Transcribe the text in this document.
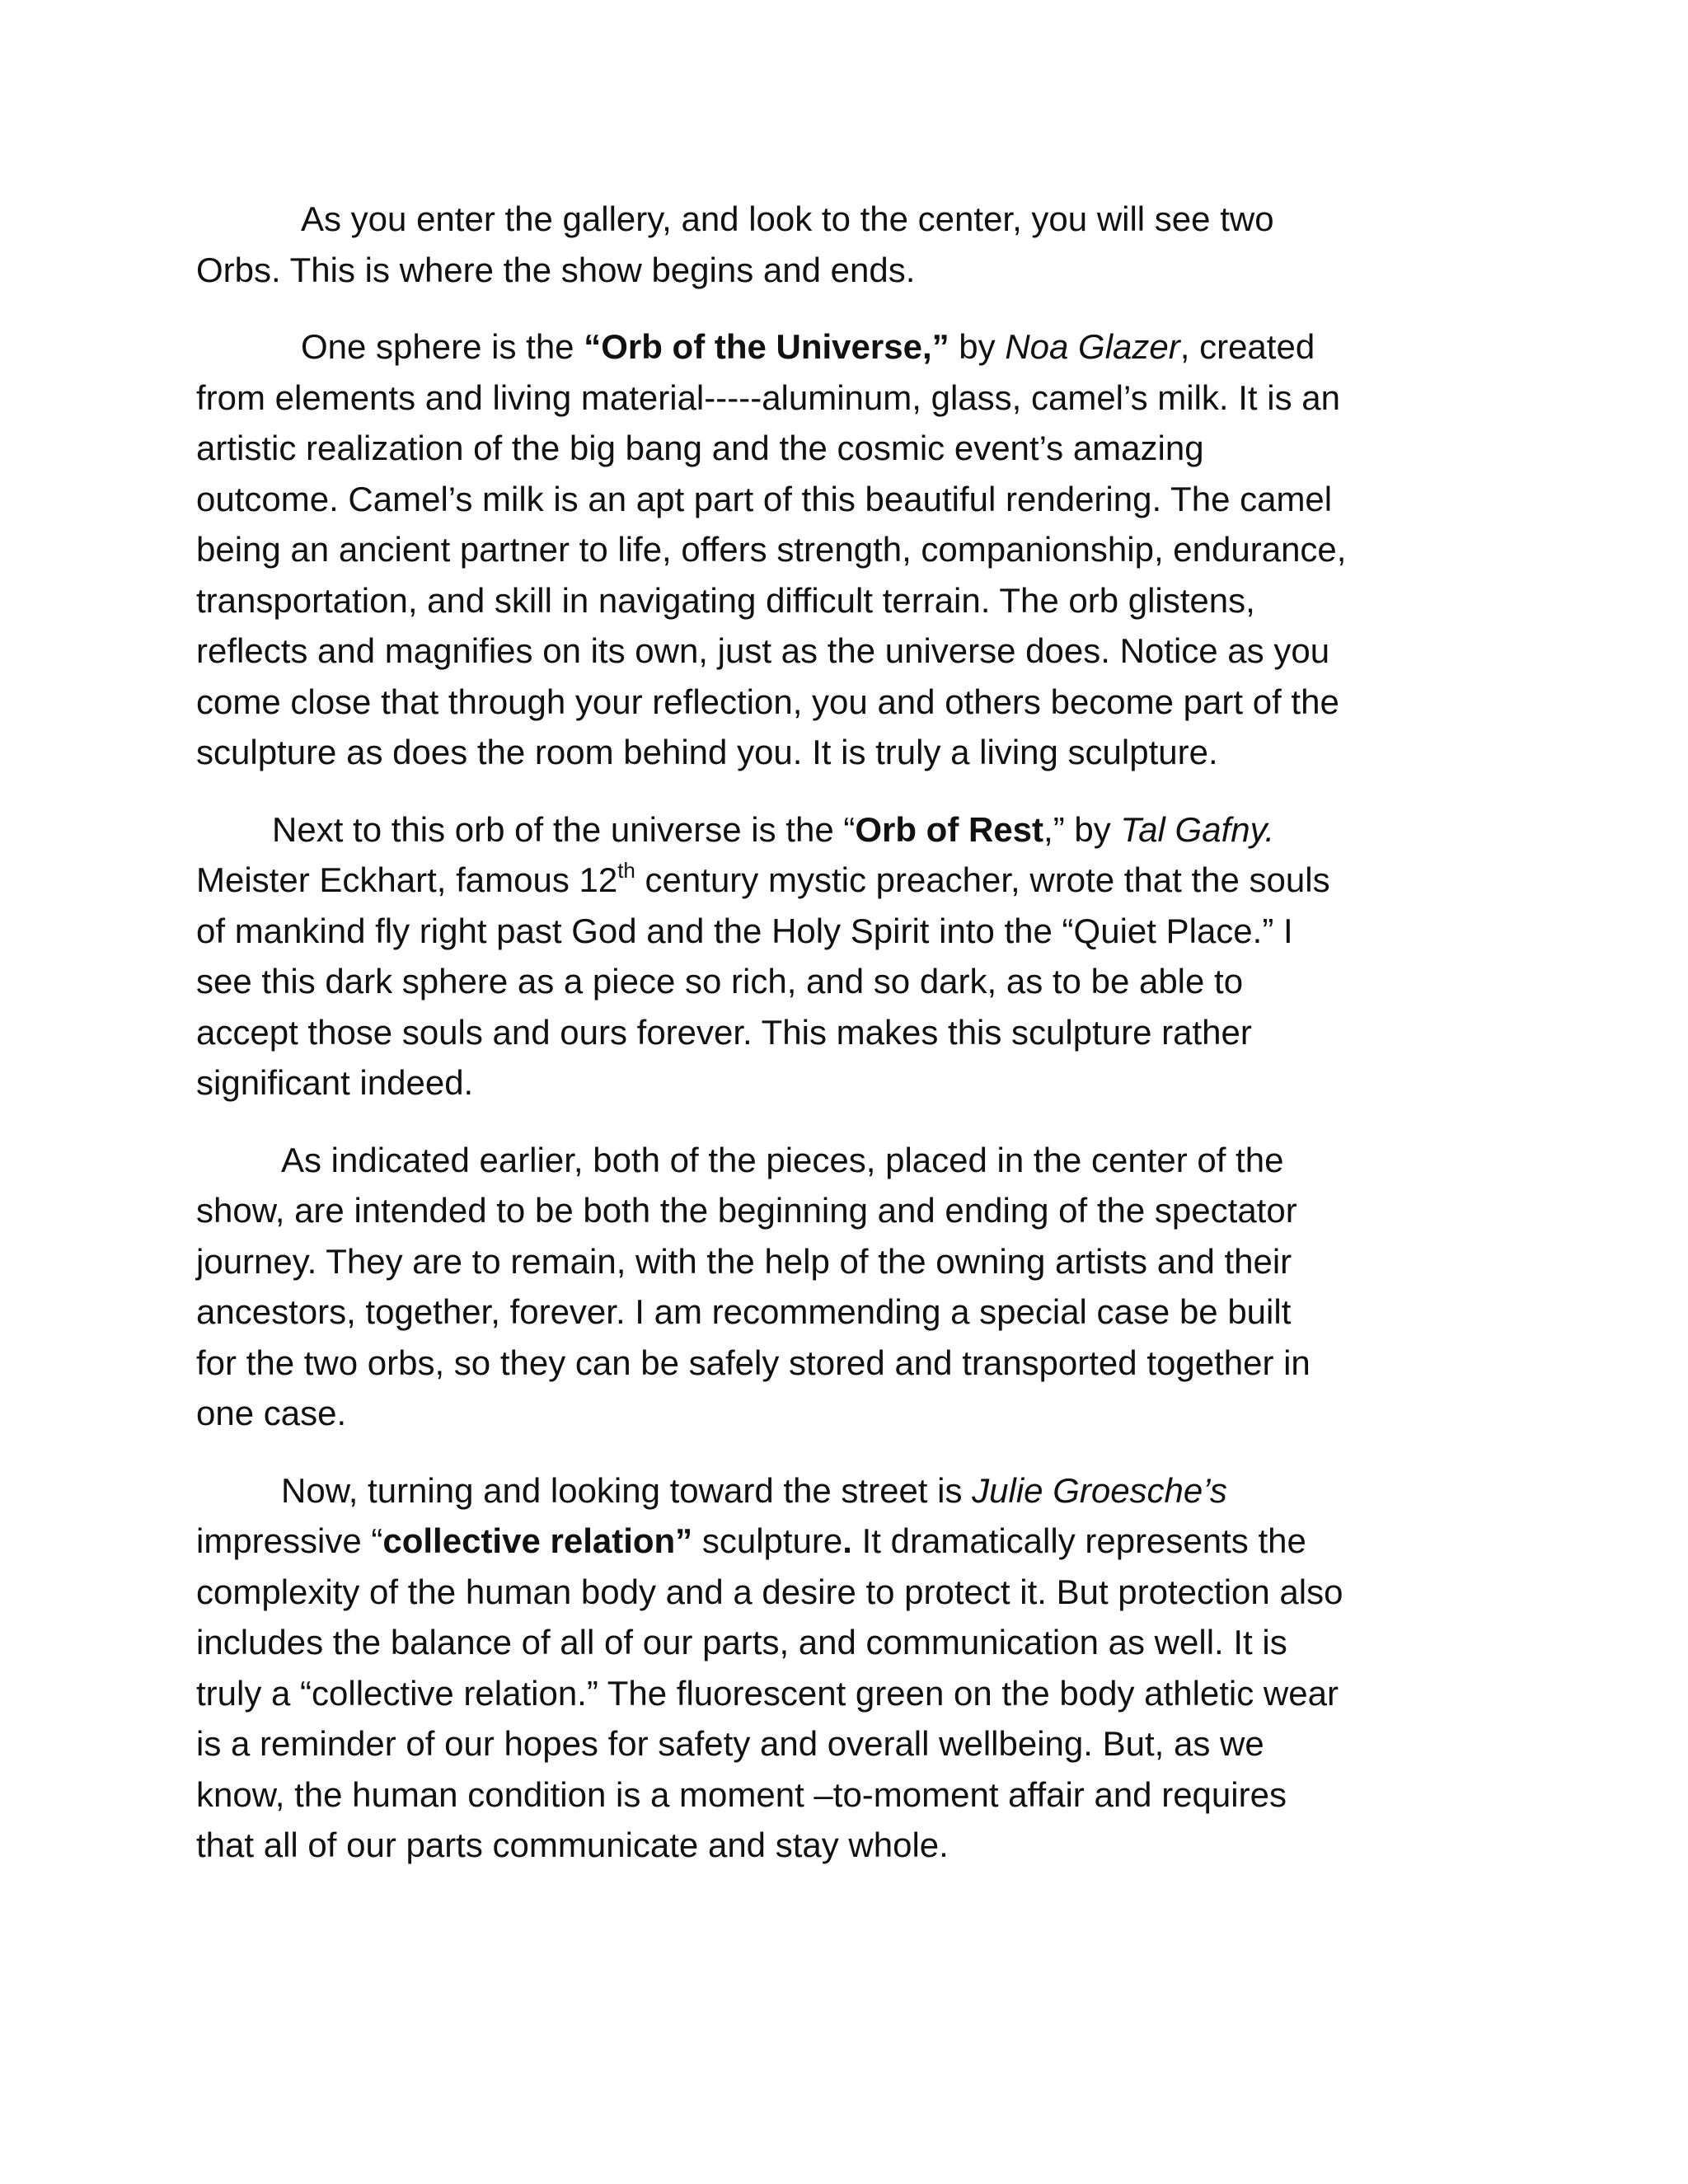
As you enter the gallery, and look to the center, you will see two
Orbs. This is where the show begins and ends.
One sphere is the “Orb of the Universe,” by Noa Glazer, created
from elements and living material-----aluminum, glass, camel’s milk. It is an
artistic realization of the big bang and the cosmic event’s amazing
outcome. Camel’s milk is an apt part of this beautiful rendering. The camel
being an ancient partner to life, offers strength, companionship, endurance,
transportation, and skill in navigating difficult terrain. The orb glistens,
reflects and magnifies on its own, just as the universe does. Notice as you
come close that through your reflection, you and others become part of the
sculpture as does the room behind you. It is truly a living sculpture.
Next to this orb of the universe is the “Orb of Rest,” by Tal Gafny.
Meister Eckhart, famous 12th century mystic preacher, wrote that the souls
of mankind fly right past God and the Holy Spirit into the “Quiet Place.” I
see this dark sphere as a piece so rich, and so dark, as to be able to
accept those souls and ours forever. This makes this sculpture rather
significant indeed.
As indicated earlier, both of the pieces, placed in the center of the
show, are intended to be both the beginning and ending of the spectator
journey. They are to remain, with the help of the owning artists and their
ancestors, together, forever. I am recommending a special case be built
for the two orbs, so they can be safely stored and transported together in
one case.
Now, turning and looking toward the street is Julie Groesche’s
impressive “collective relation” sculpture. It dramatically represents the
complexity of the human body and a desire to protect it. But protection also
includes the balance of all of our parts, and communication as well. It is
truly a “collective relation.” The fluorescent green on the body athletic wear
is a reminder of our hopes for safety and overall wellbeing. But, as we
know, the human condition is a moment –to-moment affair and requires
that all of our parts communicate and stay whole.
